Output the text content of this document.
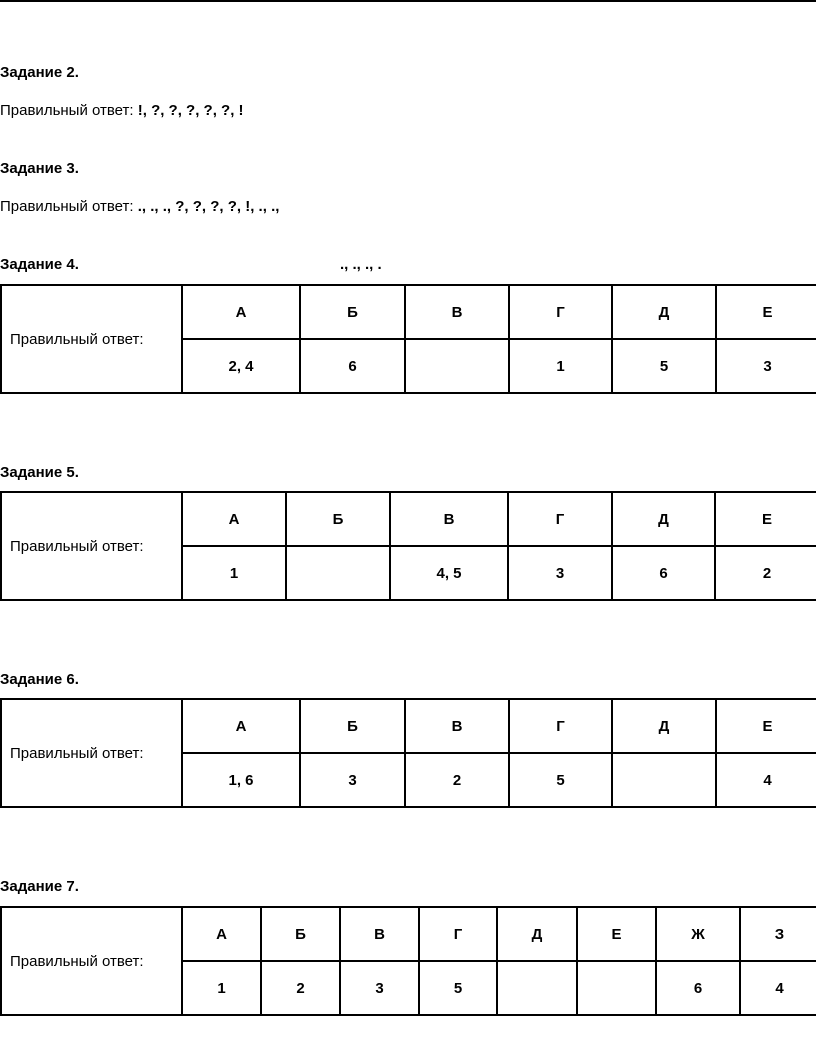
Задание 2.
Правильный ответ: !, ?, ?, ?, ?, ?, !
Задание 3.
Правильный ответ: ., ., ., ?, ?, ?, ?, !, ., .,
Задание 4.	., ., ., .
Правильный ответ:	А	Б	В	Г	Д	Е
	2, 4	6		1	5	3
Задание 5.
Правильный ответ:	А	Б	В	Г	Д	Е
	1		4, 5	3	6	2
Задание 6.
Правильный ответ:	А	Б	В	Г	Д	Е
	1, 6	3	2	5		4
Задание 7.
Правильный ответ:	А	Б	В	Г	Д	Е	Ж	З
	1	2	3	5			6	4
